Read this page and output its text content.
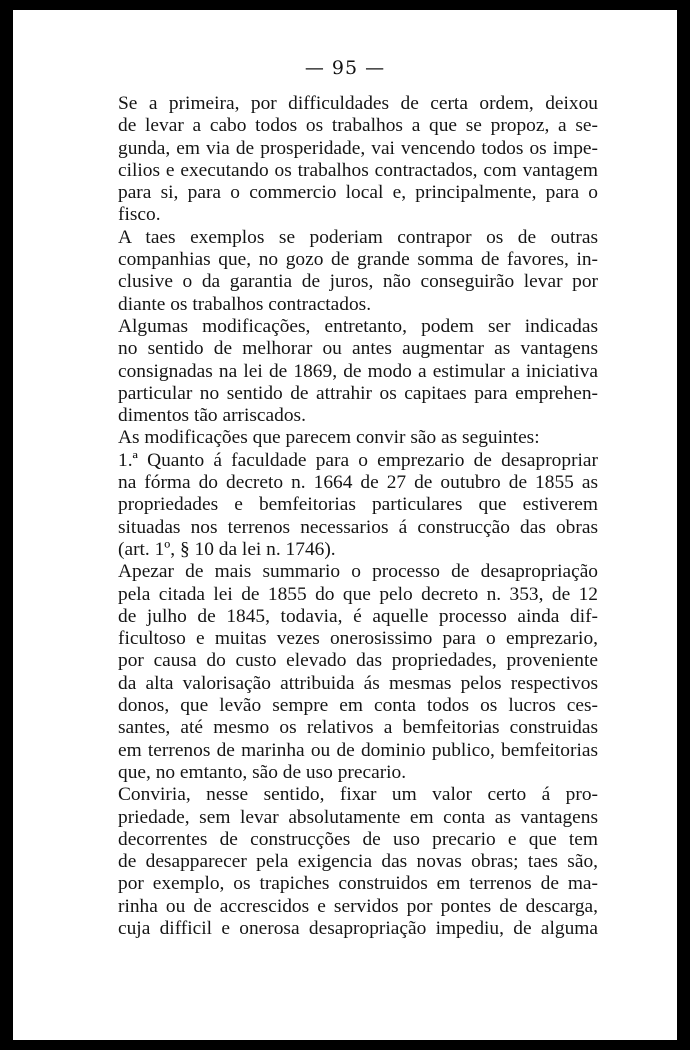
— 95 —

Se a primeira, por difficuldades de certa ordem, deixou
de levar a cabo todos os trabalhos a que se propoz, a se-
gunda, em via de prosperidade, vai vencendo todos os impe-
cilios e executando os trabalhos contractados, com vantagem
para si, para o commercio local e, principalmente, para o
fisco.

A taes exemplos se poderiam contrapor os de outras
companhias que, no gozo de grande somma de favores, in-
clusive o da garantia de juros, não conseguirão levar por
diante os trabalhos contractados.

Algumas modificações, entretanto, podem ser indicadas
no sentido de melhorar ou antes augmentar as vantagens
consignadas na lei de 1869, de modo a estimular a iniciativa
particular no sentido de attrahir os capitaes para emprehen-
dimentos tão arriscados.

As modificações que parecem convir são as seguintes:

1.ª Quanto á faculdade para o emprezario de desapropriar
na fórma do decreto n. 1664 de 27 de outubro de 1855 as
propriedades e bemfeitorias particulares que estiverem
situadas nos terrenos necessarios á construcção das obras
(art. 1º, § 10 da lei n. 1746).

Apezar de mais summario o processo de desapropriação
pela citada lei de 1855 do que pelo decreto n. 353, de 12
de julho de 1845, todavia, é aquelle processo ainda dif-
ficultoso e muitas vezes onerosissimo para o emprezario,
por causa do custo elevado das propriedades, proveniente
da alta valorisação attribuida ás mesmas pelos respectivos
donos, que levão sempre em conta todos os lucros ces-
santes, até mesmo os relativos a bemfeitorias construidas
em terrenos de marinha ou de dominio publico, bemfeitorias
que, no emtanto, são de uso precario.

Conviria, nesse sentido, fixar um valor certo á pro-
priedade, sem levar absolutamente em conta as vantagens
decorrentes de construcções de uso precario e que tem
de desapparecer pela exigencia das novas obras; taes são,
por exemplo, os trapiches construidos em terrenos de ma-
rinha ou de accrescidos e servidos por pontes de descarga,
cuja difficil e onerosa desapropriação impediu, de alguma
